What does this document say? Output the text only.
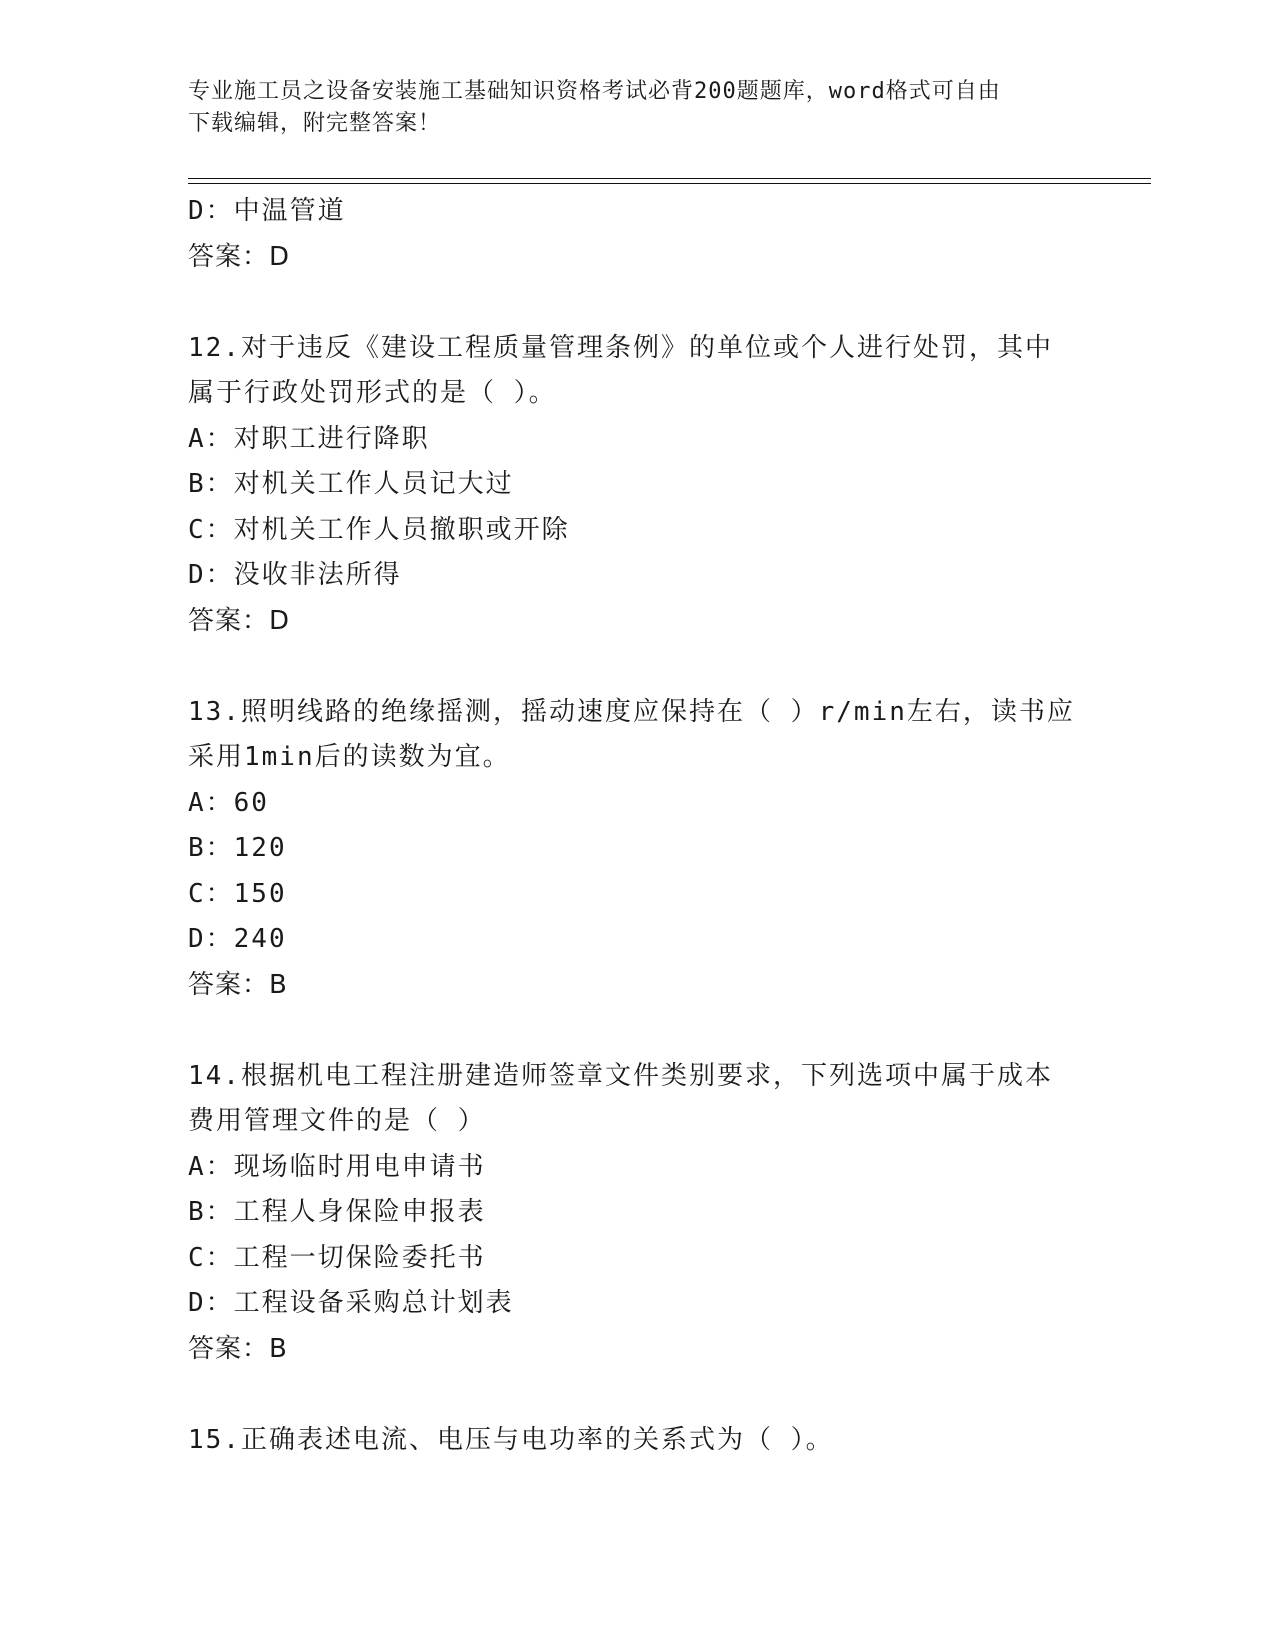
专业施工员之设备安装施工基础知识资格考试必背200题题库，word格式可自由
下载编辑，附完整答案！
D：中温管道
答案：D
12.对于违反《建设工程质量管理条例》的单位或个人进行处罚，其中
属于行政处罚形式的是（ ）。
A：对职工进行降职
B：对机关工作人员记大过
C：对机关工作人员撤职或开除
D：没收非法所得
答案：D
13.照明线路的绝缘摇测，摇动速度应保持在（ ）r/min左右，读书应
采用1min后的读数为宜。
A：60
B：120
C：150
D：240
答案：B
14.根据机电工程注册建造师签章文件类别要求，下列选项中属于成本
费用管理文件的是（ ）
A：现场临时用电申请书
B：工程人身保险申报表
C：工程一切保险委托书
D：工程设备采购总计划表
答案：B
15.正确表述电流、电压与电功率的关系式为（ ）。
